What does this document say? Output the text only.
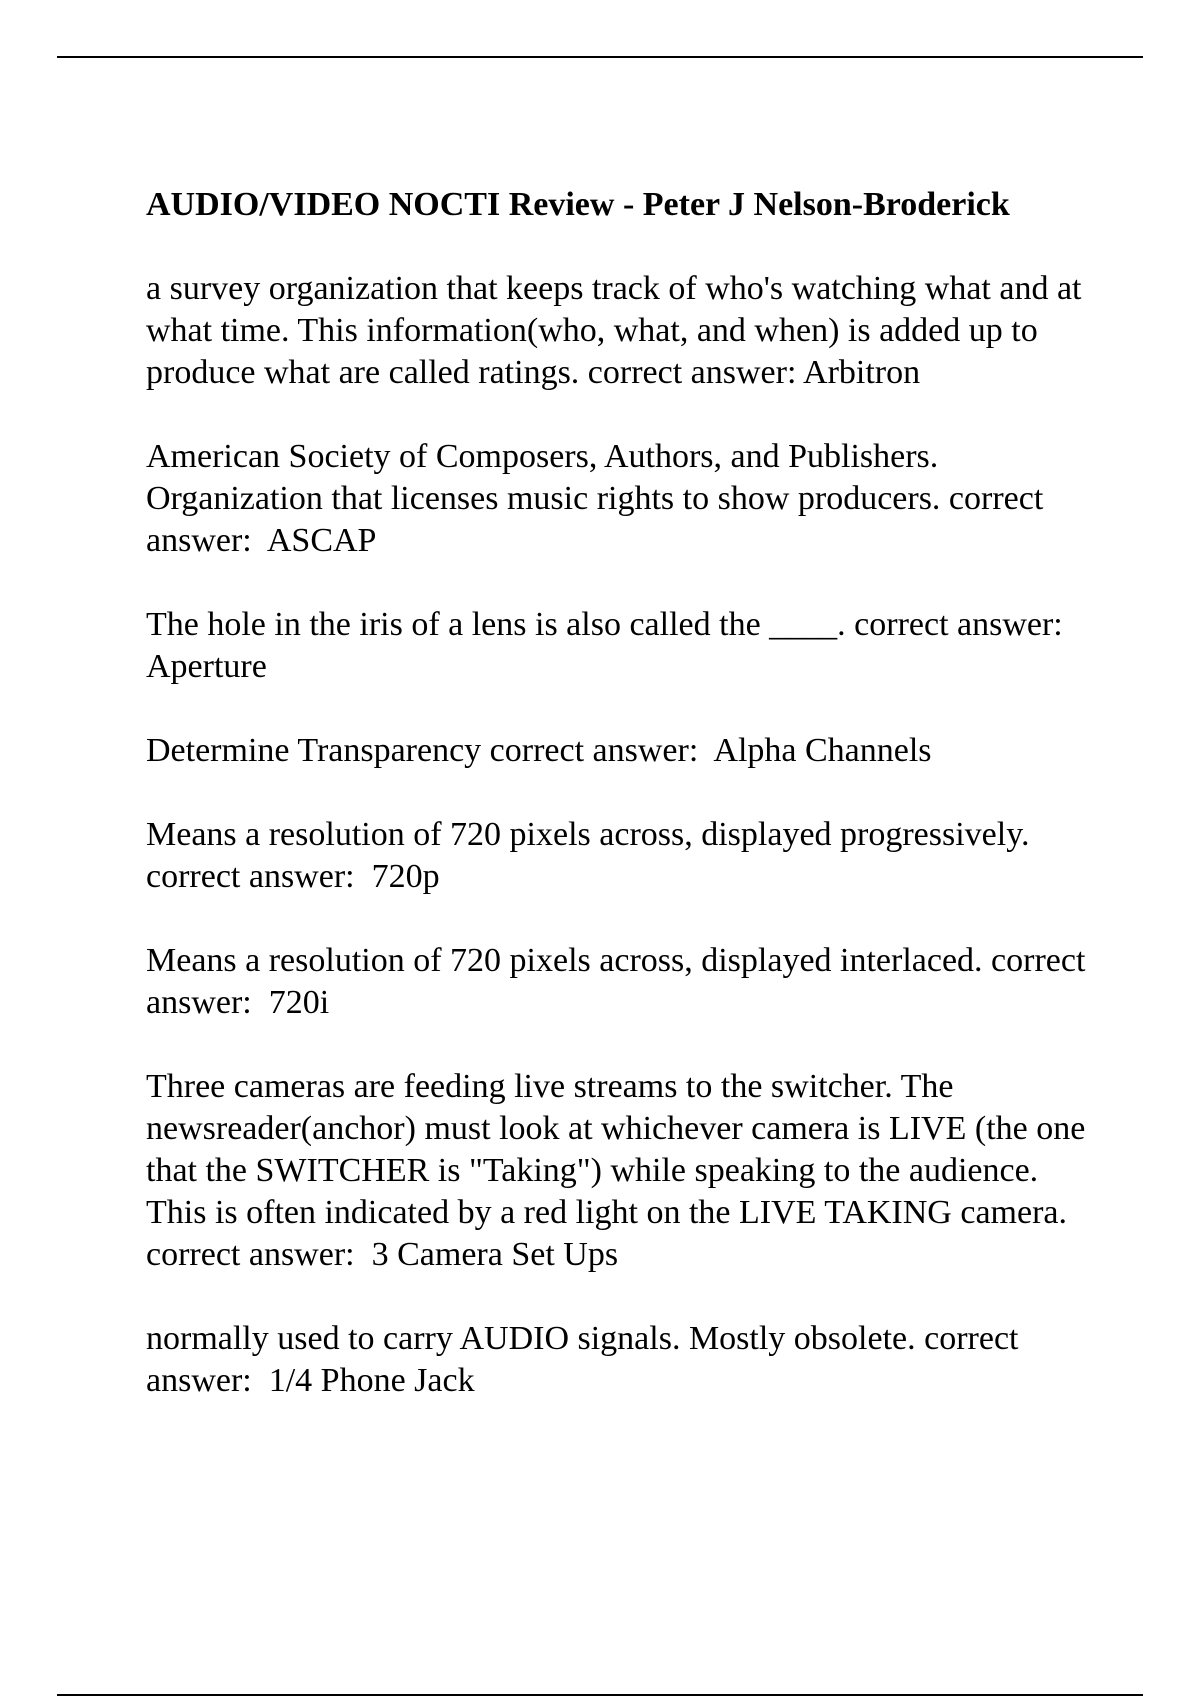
AUDIO/VIDEO NOCTI Review - Peter J Nelson-Broderick

a survey organization that keeps track of who's watching what and at what time. This information(who, what, and when) is added up to produce what are called ratings. correct answer: Arbitron

American Society of Composers, Authors, and Publishers. Organization that licenses music rights to show producers. correct answer:  ASCAP

The hole in the iris of a lens is also called the ____. correct answer:  Aperture

Determine Transparency correct answer:  Alpha Channels

Means a resolution of 720 pixels across, displayed progressively. correct answer:  720p

Means a resolution of 720 pixels across, displayed interlaced. correct answer:  720i

Three cameras are feeding live streams to the switcher. The newsreader(anchor) must look at whichever camera is LIVE (the one that the SWITCHER is "Taking") while speaking to the audience. This is often indicated by a red light on the LIVE TAKING camera. correct answer:  3 Camera Set Ups

normally used to carry AUDIO signals. Mostly obsolete. correct answer:  1/4 Phone Jack
